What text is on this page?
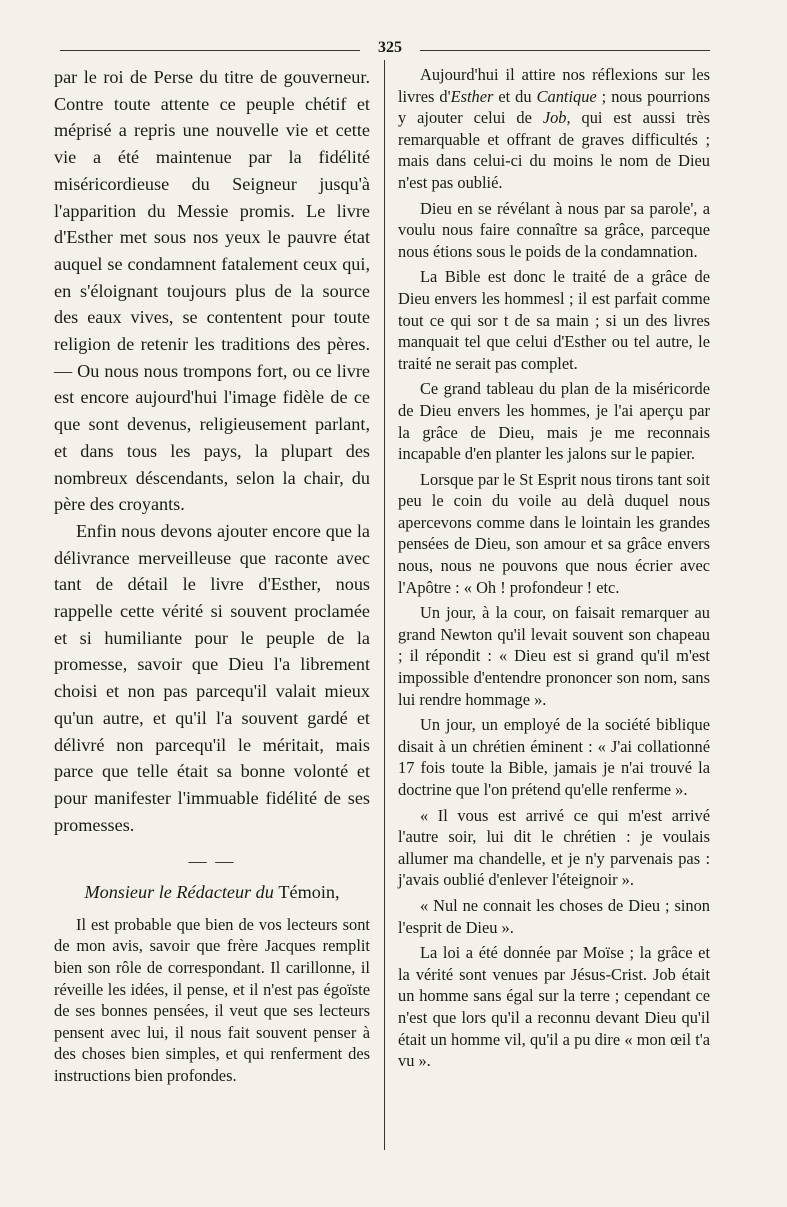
325

par le roi de Perse du titre de gouverneur. Contre toute attente ce peuple chétif et méprisé a repris une nouvelle vie et cette vie a été maintenue par la fidélité miséricordieuse du Seigneur jusqu'à l'apparition du Messie promis. Le livre d'Esther met sous nos yeux le pauvre état auquel se condamnent fatalement ceux qui, en s'éloignant toujours plus de la source des eaux vives, se contentent pour toute religion de retenir les traditions des pères. — Ou nous nous trompons fort, ou ce livre est encore aujourd'hui l'image fidèle de ce que sont devenus, religieusement parlant, et dans tous les pays, la plupart des nombreux déscendants, selon la chair, du père des croyants.

Enfin nous devons ajouter encore que la délivrance merveilleuse que raconte avec tant de détail le livre d'Esther, nous rappelle cette vérité si souvent proclamée et si humiliante pour le peuple de la promesse, savoir que Dieu l'a librement choisi et non pas parcequ'il valait mieux qu'un autre, et qu'il l'a souvent gardé et délivré non parcequ'il le méritait, mais parce que telle était sa bonne volonté et pour manifester l'immuable fidélité de ses promesses.

— —
Monsieur le Rédacteur du Témoin,

Il est probable que bien de vos lecteurs sont de mon avis, savoir que frère Jacques remplit bien son rôle de correspondant. Il carillonne, il réveille les idées, il pense, et il n'est pas égoïste de ses bonnes pensées, il veut que ses lecteurs pensent avec lui, il nous fait souvent penser à des choses bien simples, et qui renferment des instructions bien profondes.

Aujourd'hui il attire nos réflexions sur les livres d'Esther et du Cantique ; nous pourrions y ajouter celui de Job, qui est aussi très remarquable et offrant de graves difficultés ; mais dans celui-ci du moins le nom de Dieu n'est pas oublié.

Dieu en se révélant à nous par sa parole', a voulu nous faire connaître sa grâce, parceque nous étions sous le poids de la condamnation.

La Bible est donc le traité de a grâce de Dieu envers les hommesl ; il est parfait comme tout ce qui sor t de sa main ; si un des livres manquait tel que celui d'Esther ou tel autre, le traité ne serait pas complet.

Ce grand tableau du plan de la miséricorde de Dieu envers les hommes, je l'ai aperçu par la grâce de Dieu, mais je me reconnais incapable d'en planter les jalons sur le papier.

Lorsque par le St Esprit nous tirons tant soit peu le coin du voile au delà duquel nous apercevons comme dans le lointain les grandes pensées de Dieu, son amour et sa grâce envers nous, nous ne pouvons que nous écrier avec l'Apôtre : « Oh ! profondeur ! etc.

Un jour, à la cour, on faisait remarquer au grand Newton qu'il levait souvent son chapeau ; il répondit : « Dieu est si grand qu'il m'est impossible d'entendre prononcer son nom, sans lui rendre hommage ».

Un jour, un employé de la société biblique disait à un chrétien éminent : « J'ai collationné 17 fois toute la Bible, jamais je n'ai trouvé la doctrine que l'on prétend qu'elle renferme ».

« Il vous est arrivé ce qui m'est arrivé l'autre soir, lui dit le chrétien : je voulais allumer ma chandelle, et je n'y parvenais pas : j'avais oublié d'enlever l'éteignoir ».

« Nul ne connait les choses de Dieu ; sinon l'esprit de Dieu ».

La loi a été donnée par Moïse ; la grâce et la vérité sont venues par Jésus-Crist. Job était un homme sans égal sur la terre ; cependant ce n'est que lors qu'il a reconnu devant Dieu qu'il était un homme vil, qu'il a pu dire « mon œil t'a vu ».
